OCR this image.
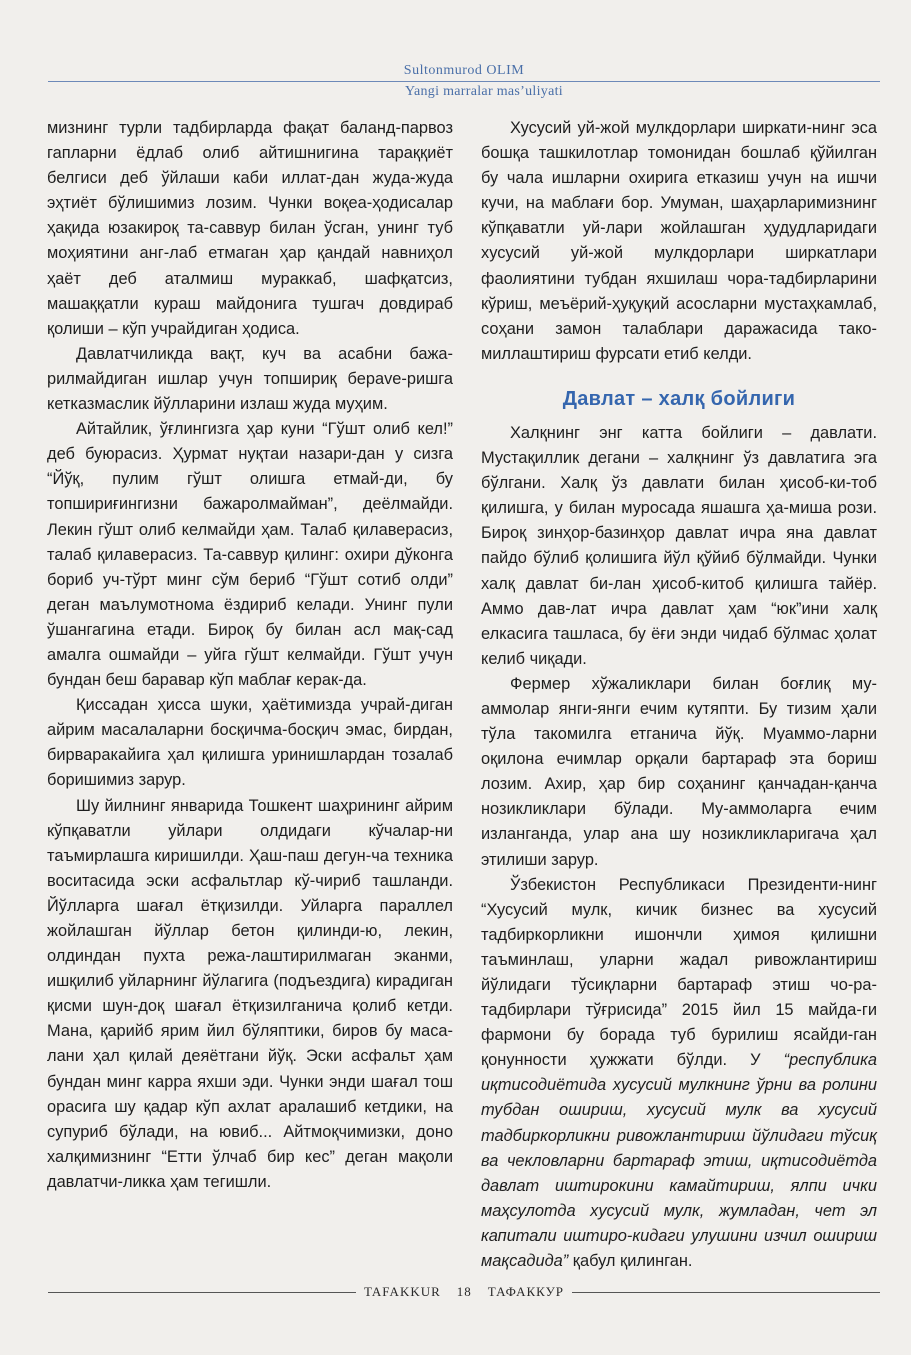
Sultonmurod OLIM
Yangi marralar mas’uliyati

мизнинг турли тадбирларда фақат баланд-парвоз гапларни ёдлаб олиб айтишнигина тараққиёт белгиси деб ўйлаши каби иллат-дан жуда-жуда эҳтиёт бўлишимиз лозим. Чунки воқеа-ҳодисалар ҳақида юзакироқ та-саввур билан ўсган, унинг туб моҳиятини анг-лаб етмаган ҳар қандай навниҳол ҳаёт деб аталмиш мураккаб, шафқатсиз, машаққатли кураш майдонига тушгач довдираб қолиши – кўп учрайдиган ҳодиса.

Давлатчиликда вақт, куч ва асабни бажа-рилмайдиган ишлар учун топшириқ берave-ришга кетказмаслик йўлларини излаш жуда муҳим.

Айтайлик, ўғлингизга ҳар куни “Гўшт олиб кел!” деб буюрасиз. Ҳурмат нуқтаи назари-дан у сизга “Йўқ, пулим гўшт олишга етмай-ди, бу топшириғингизни бажаролмайман”, деёлмайди. Лекин гўшт олиб келмайди ҳам. Талаб қилаверасиз, талаб қилаверасиз. Та-саввур қилинг: охири дўконга бориб уч-тўрт минг сўм бериб “Гўшт сотиб олди” деган маълумотнома ёздириб келади. Унинг пули ўшангагина етади. Бироқ бу билан асл мақ-сад амалга ошмайди – уйга гўшт келмайди. Гўшт учун бундан беш баравар кўп маблағ керак-да.

Қиссадан ҳисса шуки, ҳаётимизда учрай-диган айрим масалаларни босқичма-босқич эмас, бирдан, бирваракайига ҳал қилишга уринишлардан тозалаб боришимиз зарур.

Шу йилнинг январида Тошкент шаҳрининг айрим кўпқаватли уйлари олдидаги кўчалар-ни таъмирлашга киришилди. Ҳаш-паш дегун-ча техника воситасида эски асфальтлар кў-чириб ташланди. Йўлларга шағал ётқизилди. Уйларга параллел жойлашган йўллар бетон қилинди-ю, лекин, олдиндан пухта режа-лаштирилмаган эканми, ишқилиб уйларнинг йўлагига (подъездига) кирадиган қисми шун-доқ шағал ётқизилганича қолиб кетди. Мана, қарийб ярим йил бўляптики, биров бу маса-лани ҳал қилай деяётгани йўқ. Эски асфальт ҳам бундан минг карра яхши эди. Чунки энди шағал тош орасига шу қадар кўп ахлат аралашиб кетдики, на супуриб бўлади, на ювиб... Айтмоқчимизки, доно халқимизнинг “Етти ўлчаб бир кес” деган мақоли давлатчи-ликка ҳам тегишли.

Хусусий уй-жой мулкдорлари ширкати-нинг эса бошқа ташкилотлар томонидан бошлаб қўйилган бу чала ишларни охирига етказиш учун на ишчи кучи, на маблағи бор. Умуман, шаҳарларимизнинг кўпқаватли уй-лари жойлашган ҳудудларидаги хусусий уй-жой мулкдорлари ширкатлари фаолиятини тубдан яхшилаш чора-тадбирларини кўриш, меъёрий-ҳуқуқий асосларни мустаҳкамлаб, соҳани замон талаблари даражасида тако-миллаштириш фурсати етиб келди.

Давлат – халқ бойлиги

Халқнинг энг катта бойлиги – давлати. Мустақиллик дегани – халқнинг ўз давлатига эга бўлгани. Халқ ўз давлати билан ҳисоб-ки-тоб қилишга, у билан муросада яшашга ҳа-миша рози. Бироқ зинҳор-базинҳор давлат ичра яна давлат пайдо бўлиб қолишига йўл қўйиб бўлмайди. Чунки халқ давлат би-лан ҳисоб-китоб қилишга тайёр. Аммо дав-лат ичра давлат ҳам “юк”ини халқ елкасига ташласа, бу ёғи энди чидаб бўлмас ҳолат келиб чиқади.

Фермер хўжаликлари билан боғлиқ му-аммолар янги-янги ечим кутяпти. Бу тизим ҳали тўла такомилга етганича йўқ. Муаммо-ларни оқилона ечимлар орқали бартараф эта бориш лозим. Ахир, ҳар бир соҳанинг қанчадан-қанча нозикликлари бўлади. Му-аммоларга ечим изланганда, улар ана шу нозикликларигача ҳал этилиши зарур.

Ўзбекистон Республикаси Президенти-нинг “Хусусий мулк, кичик бизнес ва хусусий тадбиркорликни ишончли ҳимоя қилишни таъминлаш, уларни жадал ривожлантириш йўлидаги тўсиқларни бартараф этиш чо-ра-тадбирлари тўғрисида” 2015 йил 15 майда-ги фармони бу борада туб бурилиш ясайди-ган қонунности ҳужжати бўлди. У “республика иқтисодиётида хусусий мулкнинг ўрни ва ролини тубдан ошириш, хусусий мулк ва хусусий тадбиркорликни ривожлантириш йўлидаги тўсиқ ва чекловларни бартараф этиш, иқтисодиётда давлат иштирокини камайтириш, ялпи ички маҳсулотда хусусий мулк, жумладан, чет эл капитали иштиро-кидаги улушини изчил ошириш мақсадида” қабул қилинган.

TAFAKKUR	18	ТАФАККУР
